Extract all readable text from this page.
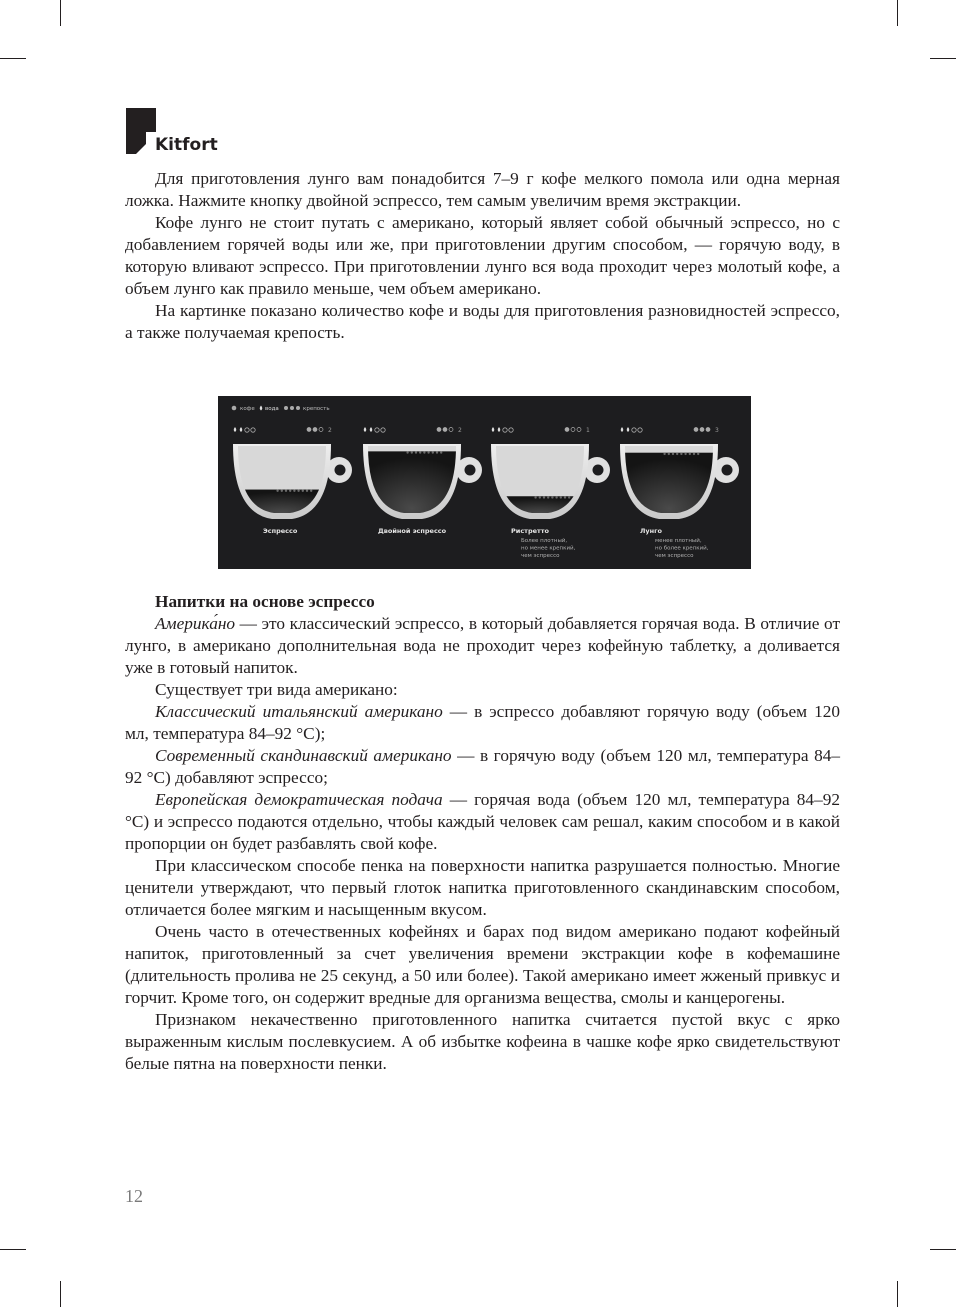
Kitfort

Для приготовления лунго вам понадобится 7–9 г кофе мелкого помола или одна мерная ложка. Нажмите кнопку двойной эспрессо, тем самым увеличим время экстракции.

Кофе лунго не стоит путать с американо, который являет собой обычный эспрессо, но с добавлением горячей воды или же, при приготовлении другим способом, — горячую воду, в которую вливают эспрессо. При приготовлении лунго вся вода проходит через молотый кофе, а объем лунго как правило меньше, чем объем американо.

На картинке показано количество кофе и воды для приготовления разновидностей эспрессо, а также получаемая крепость.

кофе вода	крепость
2
Эспрессо
2
Двойной эспрессо
1
Ристретто
Более плотный,
но менее крепкий,
чем эспрессо
3
Лунго
менее плотный,
но более крепкий,
чем эспрессо

Напитки на основе эспрессо

Америка́но — это классический эспрессо, в который добавляется горячая вода. В отличие от лунго, в американо дополнительная вода не проходит через кофейную таблетку, а доливается уже в готовый напиток.

Существует три вида американо:

Классический итальянский американо — в эспрессо добавляют горячую воду (объем 120 мл, температура 84–92 °C);

Современный скандинавский американо — в горячую воду (объем 120 мл, температура 84–92 °C) добавляют эспрессо;

Европейская демократическая подача — горячая вода (объем 120 мл, температура 84–92 °C) и эспрессо подаются отдельно, чтобы каждый человек сам решал, каким способом и в какой пропорции он будет разбавлять свой кофе.

При классическом способе пенка на поверхности напитка разрушается полностью. Многие ценители утверждают, что первый глоток напитка приготовленного скандинавским способом, отличается более мягким и насыщенным вкусом.

Очень часто в отечественных кофейнях и барах под видом американо подают кофейный напиток, приготовленный за счет увеличения времени экстракции кофе в кофемашине (длительность пролива не 25 секунд, а 50 или более). Такой американо имеет жженый привкус и горчит. Кроме того, он содержит вредные для организма вещества, смолы и канцерогены.

Признаком некачественно приготовленного напитка считается пустой вкус с ярко выраженным кислым послевкусием. А об избытке кофеина в чашке кофе ярко свидетельствуют белые пятна на поверхности пенки.

12
